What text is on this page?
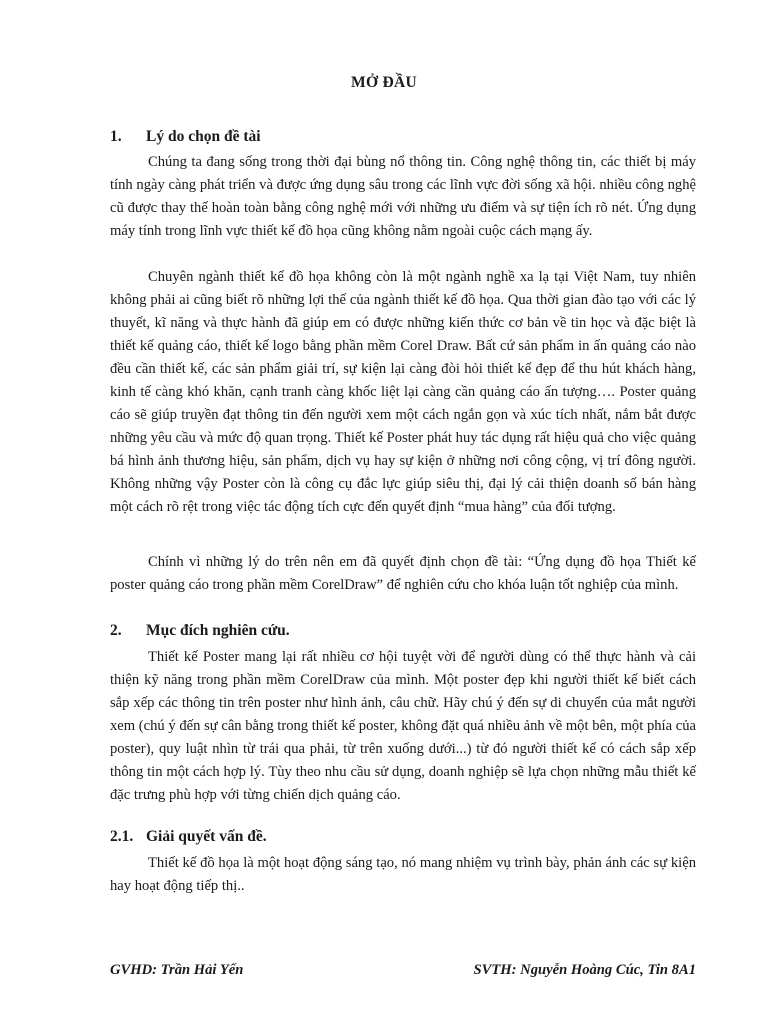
MỞ ĐẦU
1. Lý do chọn đề tài

Chúng ta đang sống trong thời đại bùng nổ thông tin. Công nghệ thông tin, các thiết bị máy tính ngày càng phát triển và được ứng dụng sâu trong các lĩnh vực đời sống xã hội. nhiều công nghệ cũ được thay thế hoàn toàn bằng công nghệ mới với những ưu điểm và sự tiện ích rõ nét. Ứng dụng máy tính trong lĩnh vực thiết kế đồ họa cũng không nằm ngoài cuộc cách mạng ấy.

Chuyên ngành thiết kế đồ họa không còn là một ngành nghề xa lạ tại Việt Nam, tuy nhiên không phải ai cũng biết rõ những lợi thế của ngành thiết kế đồ họa. Qua thời gian đào tạo với các lý thuyết, kĩ năng và thực hành đã giúp em có được những kiến thức cơ bản về tin học và đặc biệt là thiết kế quảng cáo, thiết kế logo bằng phần mềm Corel Draw. Bất cứ sản phẩm in ấn quảng cáo nào đều cần thiết kế, các sản phẩm giải trí, sự kiện lại càng đòi hỏi thiết kế đẹp để thu hút khách hàng, kinh tế càng khó khăn, cạnh tranh càng khốc liệt lại càng cần quảng cáo ấn tượng…. Poster quảng cáo sẽ giúp truyền đạt thông tin đến người xem một cách ngắn gọn và xúc tích nhất, nắm bắt được những yêu cầu và mức độ quan trọng. Thiết kế Poster phát huy tác dụng rất hiệu quả cho việc quảng bá hình ảnh thương hiệu, sản phẩm, dịch vụ hay sự kiện ở những nơi công cộng, vị trí đông người. Không những vậy Poster còn là công cụ đắc lực giúp siêu thị, đại lý cải thiện doanh số bán hàng một cách rõ rệt trong việc tác động tích cực đến quyết định “mua hàng” của đối tượng.

Chính vì những lý do trên nên em đã quyết định chọn đề tài: “Ứng dụng đồ họa Thiết kế poster quảng cáo trong phần mềm CorelDraw” để nghiên cứu cho khóa luận tốt nghiệp của mình.

2. Mục đích nghiên cứu.

Thiết kế Poster mang lại rất nhiều cơ hội tuyệt vời để người dùng có thể thực hành và cải thiện kỹ năng trong phần mềm CorelDraw của mình. Một poster đẹp khi người thiết kế biết cách sắp xếp các thông tin trên poster như hình ảnh, câu chữ. Hãy chú ý đến sự di chuyển của mắt người xem (chú ý đến sự cân bằng trong thiết kế poster, không đặt quá nhiều ảnh về một bên, một phía của poster), quy luật nhìn từ trái qua phải, từ trên xuống dưới...) từ đó người thiết kế có cách sắp xếp thông tin một cách hợp lý. Tùy theo nhu cầu sử dụng, doanh nghiệp sẽ lựa chọn những mẫu thiết kế đặc trưng phù hợp với từng chiến dịch quảng cáo.

2.1. Giải quyết vấn đề.

Thiết kế đồ họa là một hoạt động sáng tạo, nó mang nhiệm vụ trình bày, phản ánh các sự kiện hay hoạt động tiếp thị..

GVHD: Trần Hải Yến	SVTH: Nguyễn Hoàng Cúc, Tin 8A1
